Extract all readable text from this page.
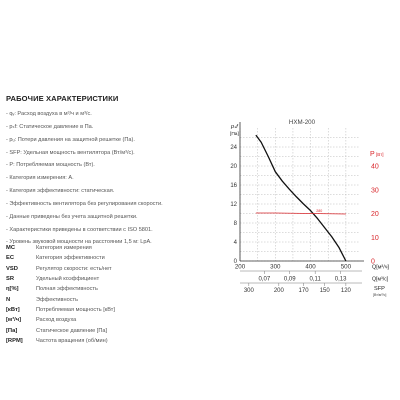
РАБОЧИЕ ХАРАКТЕРИСТИКИ
- qᵥ: Расход воздуха в м³/ч и м³/с.
- pₛf: Статическое давление в Па.
- pᵤ: Потери давления на защитной решетке (Па).
- SFP: Удельная мощность вентилятора (Вт/м³/с).
- P: Потребляемая мощность (Вт).
- Категория измерения: А.
- Категория эффективности: статическая.
- Эффективность вентилятора без регулирования скорости.
- Данные приведены без учета защитной решетки.
- Характеристики приведены в соответствии с ISO 5801.
- Уровень звуковой мощности на расстоянии 1,5 м: LpA.
MC	Категория измерения
EC	Категория эффективности
VSD	Регулятор скорости: есть/нет
SR	Удельный коэффициент
η[%]	Полная эффективность
N	Эффективность
[кВт]	Потребляемая мощность [кВт]
[м³/ч]	Расход воздуха
[Па]	Статическое давление [Па]
[RPM] Частота вращения (об/мин)
HXM-200
pₛf
[Па]
0
4
8
12
16
20
24
P [Вт]
0
10
20
30
40
200	300	400	500	Q[м³/ч]
0,07 0,09 0,11 0,13	Q[м³/с]
300	200 170 150 120	SFP
[Вт/м³/с]
280
